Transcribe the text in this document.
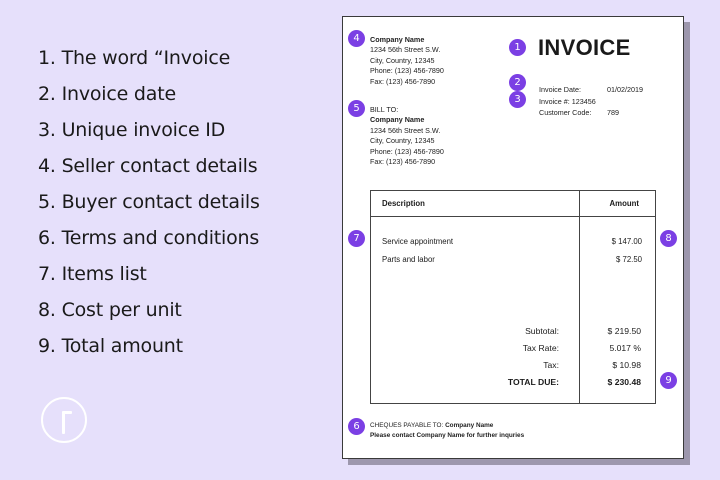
1. The word “Invoice
2. Invoice date
3. Unique invoice ID
4. Seller contact details
5. Buyer contact details
6. Terms and conditions
7. Items list
8. Cost per unit
9. Total amount
Company Name
1234 56th Street S.W.
City, Country, 12345
Phone: (123) 456-7890
Fax: (123) 456-7890
BILL TO:
Company Name
1234 56th Street S.W.
City, Country, 12345
Phone: (123) 456-7890
Fax: (123) 456-7890
INVOICE
Invoice Date:	01/02/2019
Invoice #: 123456
Customer Code:	789
Description	Amount
Service appointment	$ 147.00
Parts and labor	$ 72.50
Subtotal:	$ 219.50
Tax Rate:	5.017 %
Tax:	$ 10.98
TOTAL DUE:	$ 230.48
CHEQUES PAYABLE TO: Company Name
Please contact Company Name for further inquries
1
2
3
4
5
6
7	8
9
